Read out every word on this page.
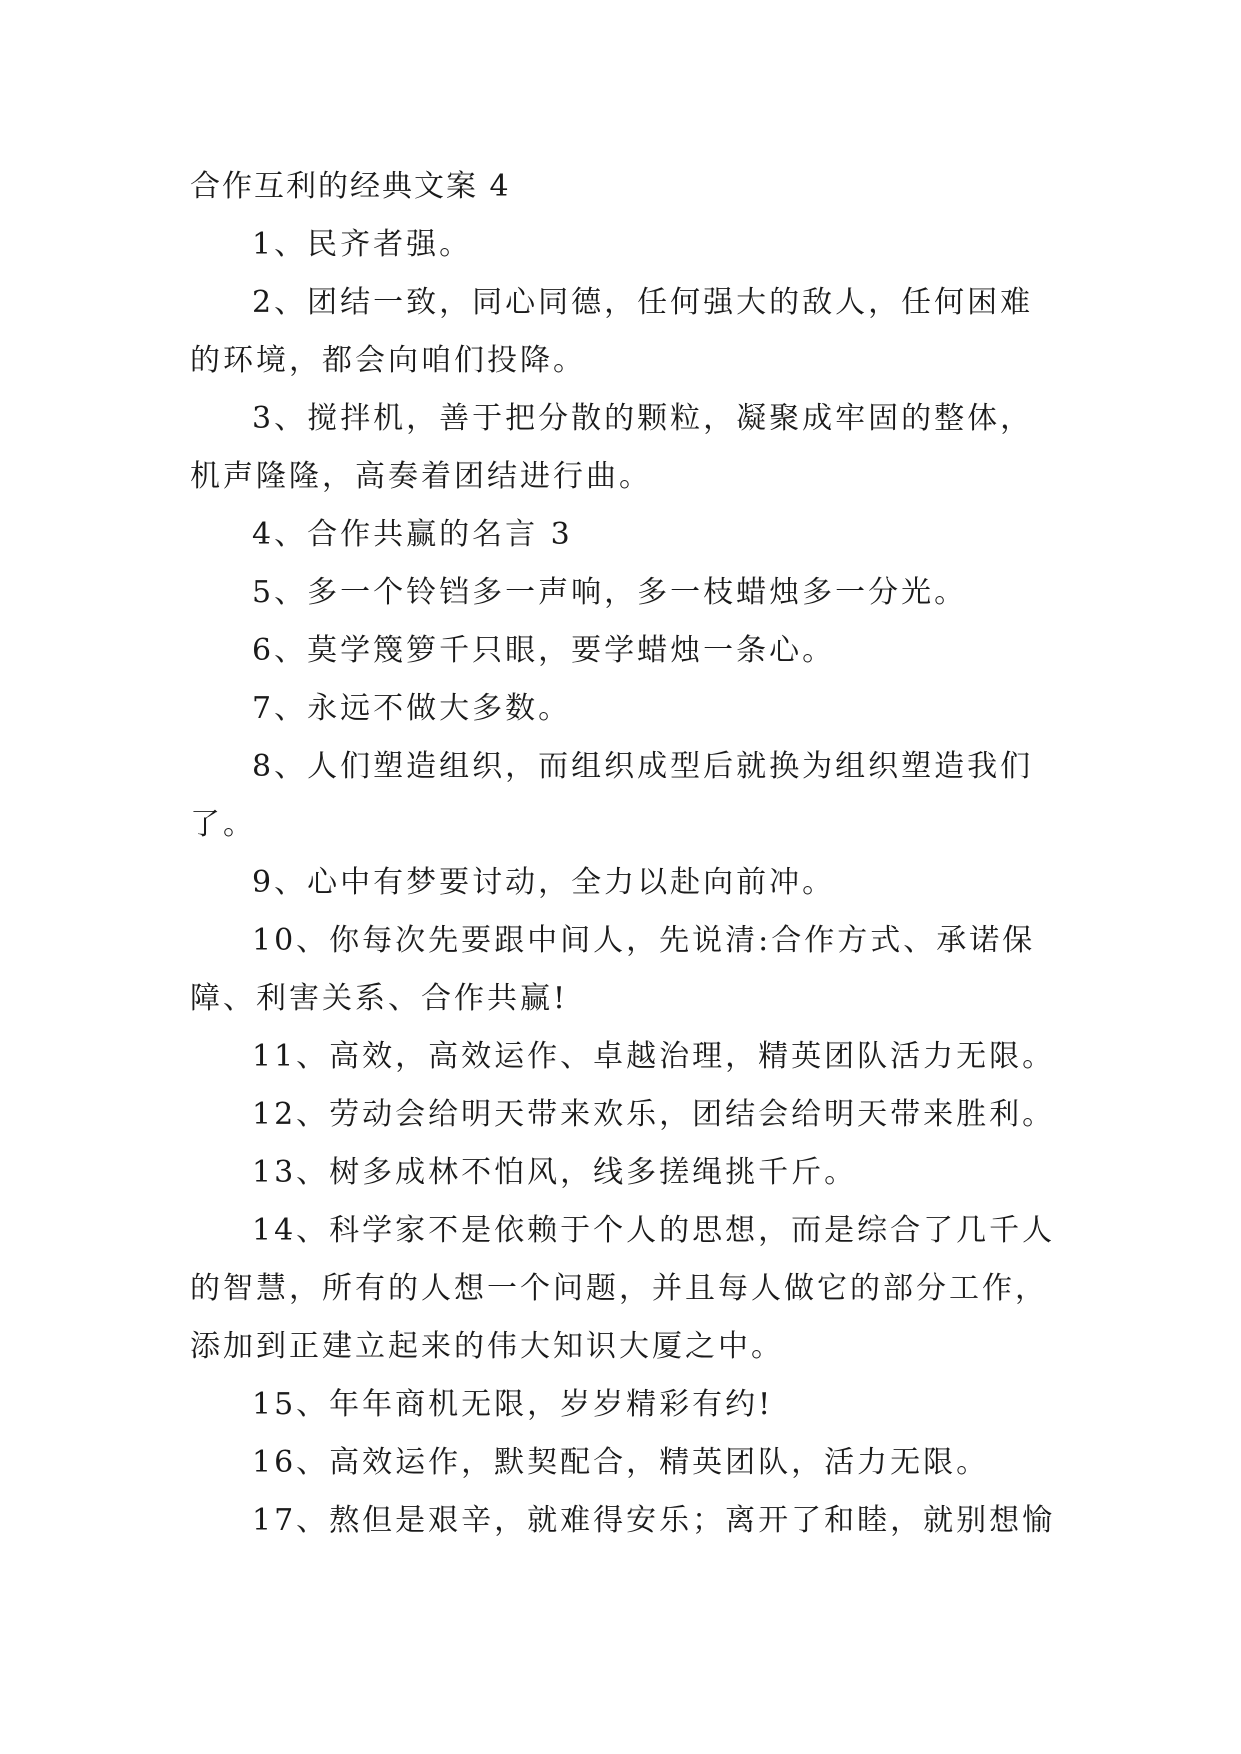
合作互利的经典文案 4
1、民齐者强。
2、团结一致，同心同德，任何强大的敌人，任何困难
的环境，都会向咱们投降。
3、搅拌机，善于把分散的颗粒，凝聚成牢固的整体，
机声隆隆，高奏着团结进行曲。
4、合作共赢的名言 3
5、多一个铃铛多一声响，多一枝蜡烛多一分光。
6、莫学篾箩千只眼，要学蜡烛一条心。
7、永远不做大多数。
8、人们塑造组织，而组织成型后就换为组织塑造我们
了。
9、心中有梦要讨动，全力以赴向前冲。
10、你每次先要跟中间人，先说清:合作方式、承诺保
障、利害关系、合作共赢!
11、高效，高效运作、卓越治理，精英团队活力无限。
12、劳动会给明天带来欢乐，团结会给明天带来胜利。
13、树多成林不怕风，线多搓绳挑千斤。
14、科学家不是依赖于个人的思想，而是综合了几千人
的智慧，所有的人想一个问题，并且每人做它的部分工作，
添加到正建立起来的伟大知识大厦之中。
15、年年商机无限，岁岁精彩有约!
16、高效运作，默契配合，精英团队，活力无限。
17、熬但是艰辛，就难得安乐；离开了和睦，就别想愉
